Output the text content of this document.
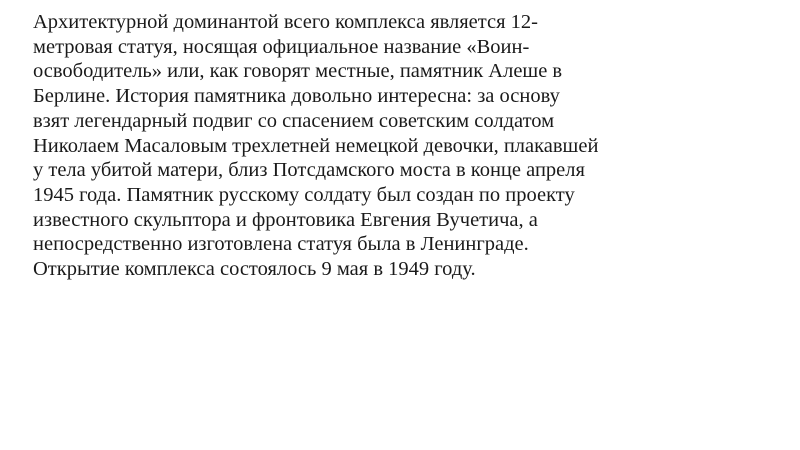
Архитектурной доминантой всего комплекса является 12-
метровая статуя, носящая официальное название «Воин-
освободитель» или, как говорят местные, памятник Алеше в
Берлине. История памятника довольно интересна: за основу
взят легендарный подвиг со спасением советским солдатом
Николаем Масаловым трехлетней немецкой девочки, плакавшей
у тела убитой матери, близ Потсдамского моста в конце апреля
1945 года. Памятник русскому солдату был создан по проекту
известного скульптора и фронтовика Евгения Вучетича, а
непосредственно изготовлена статуя была в Ленинграде.
Открытие комплекса состоялось 9 мая в 1949 году.
